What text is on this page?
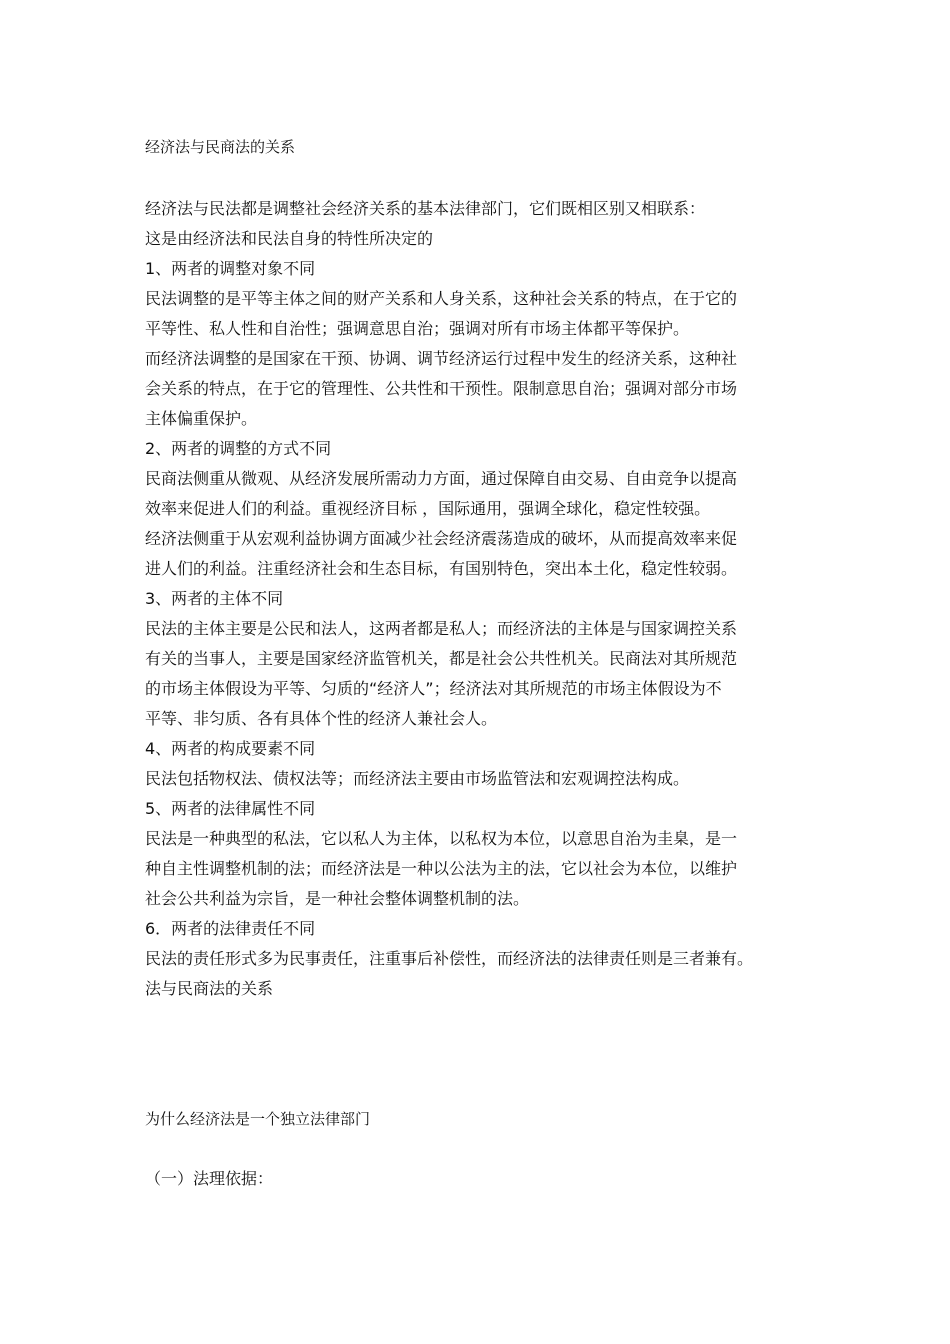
经济法与民商法的关系
经济法与民法都是调整社会经济关系的基本法律部门，它们既相区别又相联系：
这是由经济法和民法自身的特性所决定的
1、两者的调整对象不同
民法调整的是平等主体之间的财产关系和人身关系，这种社会关系的特点，在于它的
平等性、私人性和自治性；强调意思自治；强调对所有市场主体都平等保护。
而经济法调整的是国家在干预、协调、调节经济运行过程中发生的经济关系，这种社
会关系的特点，在于它的管理性、公共性和干预性。限制意思自治；强调对部分市场
主体偏重保护。
2、两者的调整的方式不同
民商法侧重从微观、从经济发展所需动力方面，通过保障自由交易、自由竞争以提高
效率来促进人们的利益。重视经济目标 ，国际通用，强调全球化，稳定性较强。
经济法侧重于从宏观利益协调方面减少社会经济震荡造成的破坏，从而提高效率来促
进人们的利益。注重经济社会和生态目标，有国别特色，突出本土化，稳定性较弱。
3、两者的主体不同
民法的主体主要是公民和法人，这两者都是私人；而经济法的主体是与国家调控关系
有关的当事人，主要是国家经济监管机关，都是社会公共性机关。民商法对其所规范
的市场主体假设为平等、匀质的“经济人”；经济法对其所规范的市场主体假设为不
平等、非匀质、各有具体个性的经济人兼社会人。
4、两者的构成要素不同
民法包括物权法、债权法等；而经济法主要由市场监管法和宏观调控法构成。
5、两者的法律属性不同
民法是一种典型的私法，它以私人为主体，以私权为本位，以意思自治为圭臬，是一
种自主性调整机制的法；而经济法是一种以公法为主的法，它以社会为本位，以维护
社会公共利益为宗旨，是一种社会整体调整机制的法。
6．两者的法律责任不同
民法的责任形式多为民事责任，注重事后补偿性，而经济法的法律责任则是三者兼有。
法与民商法的关系
为什么经济法是一个独立法律部门
（一）法理依据：
